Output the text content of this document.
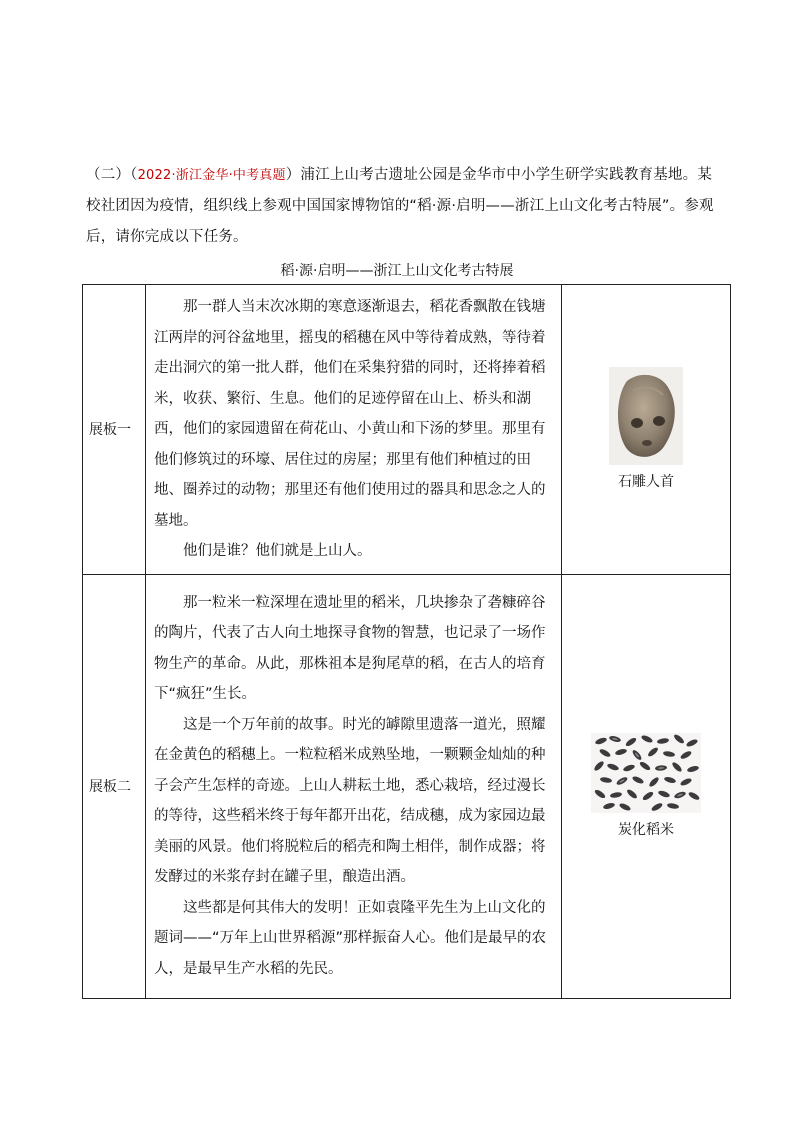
（二）（2022·浙江金华·中考真题）浦江上山考古遗址公园是金华市中小学生研学实践教育基地。某校社团因为疫情，组织线上参观中国国家博物馆的“稻·源·启明——浙江上山文化考古特展”。参观后，请你完成以下任务。
稻·源·启明——浙江上山文化考古特展
展板一	那一群人当末次冰期的寒意逐渐退去，稻花香飘散在钱塘江两岸的河谷盆地里，摇曳的稻穗在风中等待着成熟，等待着走出洞穴的第一批人群，他们在采集狩猎的同时，还将捧着稻米，收获、繁衍、生息。他们的足迹停留在山上、桥头和湖西，他们的家园遗留在荷花山、小黄山和下汤的梦里。那里有他们修筑过的环壕、居住过的房屋；那里有他们种植过的田地、圈养过的动物；那里还有他们使用过的器具和思念之人的墓地。

他们是谁？他们就是上山人。	石雕人首

展板二	那一粒米一粒深埋在遗址里的稻米，几块掺杂了砻糠碎谷的陶片，代表了古人向土地探寻食物的智慧，也记录了一场作物生产的革命。从此，那株祖本是狗尾草的稻，在古人的培育下“疯狂”生长。

这是一个万年前的故事。时光的罅隙里遗落一道光，照耀在金黄色的稻穗上。一粒粒稻米成熟坠地，一颗颗金灿灿的种子会产生怎样的奇迹。上山人耕耘土地，悉心栽培，经过漫长的等待，这些稻米终于每年都开出花，结成穗，成为家园边最美丽的风景。他们将脱粒后的稻壳和陶土相伴，制作成器；将发酵过的米浆存封在罐子里，酿造出酒。

这些都是何其伟大的发明！正如袁隆平先生为上山文化的题词——“万年上山世界稻源”那样振奋人心。他们是最早的农人，是最早生产水稻的先民。	炭化稻米
